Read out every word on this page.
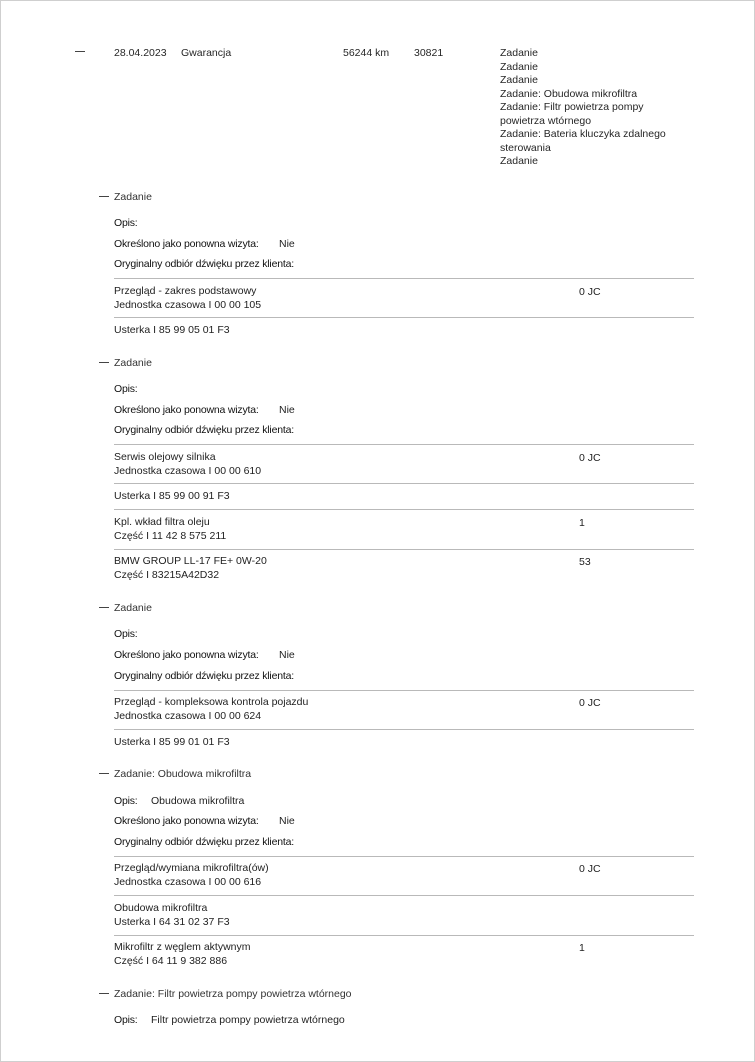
28.04.2023 Gwarancja	56244 km 30821	Zadanie
Zadanie
Zadanie
Zadanie: Obudowa mikrofiltra
Zadanie: Filtr powietrza pompy
powietrza wtórnego
Zadanie: Bateria kluczyka zdalnego
sterowania
Zadanie
Zadanie
Opis:
Określono jako ponowna wizyta: Nie
Oryginalny odbiór dźwięku przez klienta:
Przegląd - zakres podstawowy
Jednostka czasowa I 00 00 105
0 JC
Usterka I 85 99 05 01 F3
Zadanie
Opis:
Określono jako ponowna wizyta: Nie
Oryginalny odbiór dźwięku przez klienta:
Serwis olejowy silnika
Jednostka czasowa I 00 00 610
0 JC
Usterka I 85 99 00 91 F3
Kpl. wkład filtra oleju
Część I 11 42 8 575 211
1
BMW GROUP LL-17 FE+ 0W-20
Część I 83215A42D32
53
Zadanie
Opis:
Określono jako ponowna wizyta: Nie
Oryginalny odbiór dźwięku przez klienta:
Przegląd - kompleksowa kontrola pojazdu
Jednostka czasowa I 00 00 624
0 JC
Usterka I 85 99 01 01 F3
Zadanie: Obudowa mikrofiltra
Opis: Obudowa mikrofiltra
Określono jako ponowna wizyta: Nie
Oryginalny odbiór dźwięku przez klienta:
Przegląd/wymiana mikrofiltra(ów)
Jednostka czasowa I 00 00 616
0 JC
Obudowa mikrofiltra
Usterka I 64 31 02 37 F3
Mikrofiltr z węglem aktywnym
Część I 64 11 9 382 886
1
Zadanie: Filtr powietrza pompy powietrza wtórnego
Opis: Filtr powietrza pompy powietrza wtórnego
